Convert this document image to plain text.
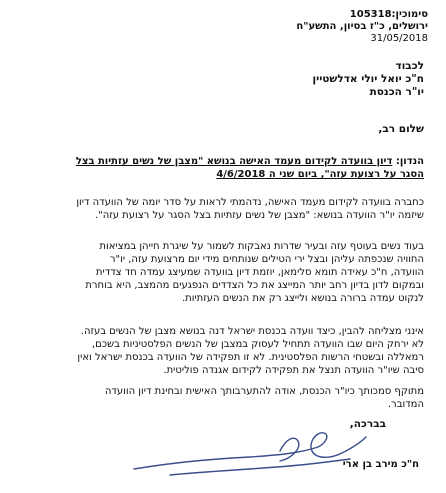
סימוכין:105318
ירושלים, כ"ז בסיון, התשע"ח
31/05/2018
לכבוד
ח"כ יואל יולי אדלשטיין
יו"ר הכנסת
שלום רב,
הנדון: דיון בוועדה לקידום מעמד האישה בנושא "מצבן של נשים עזתיות בצל
הסגר על רצועת עזה", ביום שני ה 4/6/2018
כחברה בוועדה לקידום מעמד האישה, נדהמתי לראות על סדר יומה של הוועדה דיון
שיזמה יו"ר הוועדה בנושא: "מצבן של נשים עזתיות בצל הסגר על רצועת עזה".
בעוד נשים בעוטף עזה ובעיר שדרות נאבקות לשמור על שיגרת חייהן במציאות
החוויה שנכפתה עליהן ובצל ירי הטילים שנותחים מידי יום מרצועת עזה, יו"ר
הוועדה, ח"כ עאידה תומא סלימאן, יוזמת דיון בוועדה שמעיצג עמדה חד צדדית
ובמקום לדון בדיון רחב יותר המייצג את כל הצדדים הנפגעים מהמצב, היא בוחרת
לנקוט עמדה ברורה בנושא ולייצג רק את הנשים העזתיות.
אינני מצליחה להבין, כיצד וועדה בכנסת ישראל דנה בנושא מצבן של הנשים בעזה.
לא ירחק היום שבו הוועדה תתחיל לעסוק במצבן של הנשים הפלסטיניות בשכם,
רמאללה ובשטחי הרשות הפלסטינית. לא זו תפקידה של הוועדה בכנסת ישראל ואין
סיבה שיו"ר הוועדה תנצל את תפקידה לקידום אגנדה פוליטית.
מתוקף סמכותך כיו"ר הכנסת, אודה להתערבותך האישית ובחינת דיון הוועדה
המדובר.
בברכה,
ח"כ מירב בן ארי
